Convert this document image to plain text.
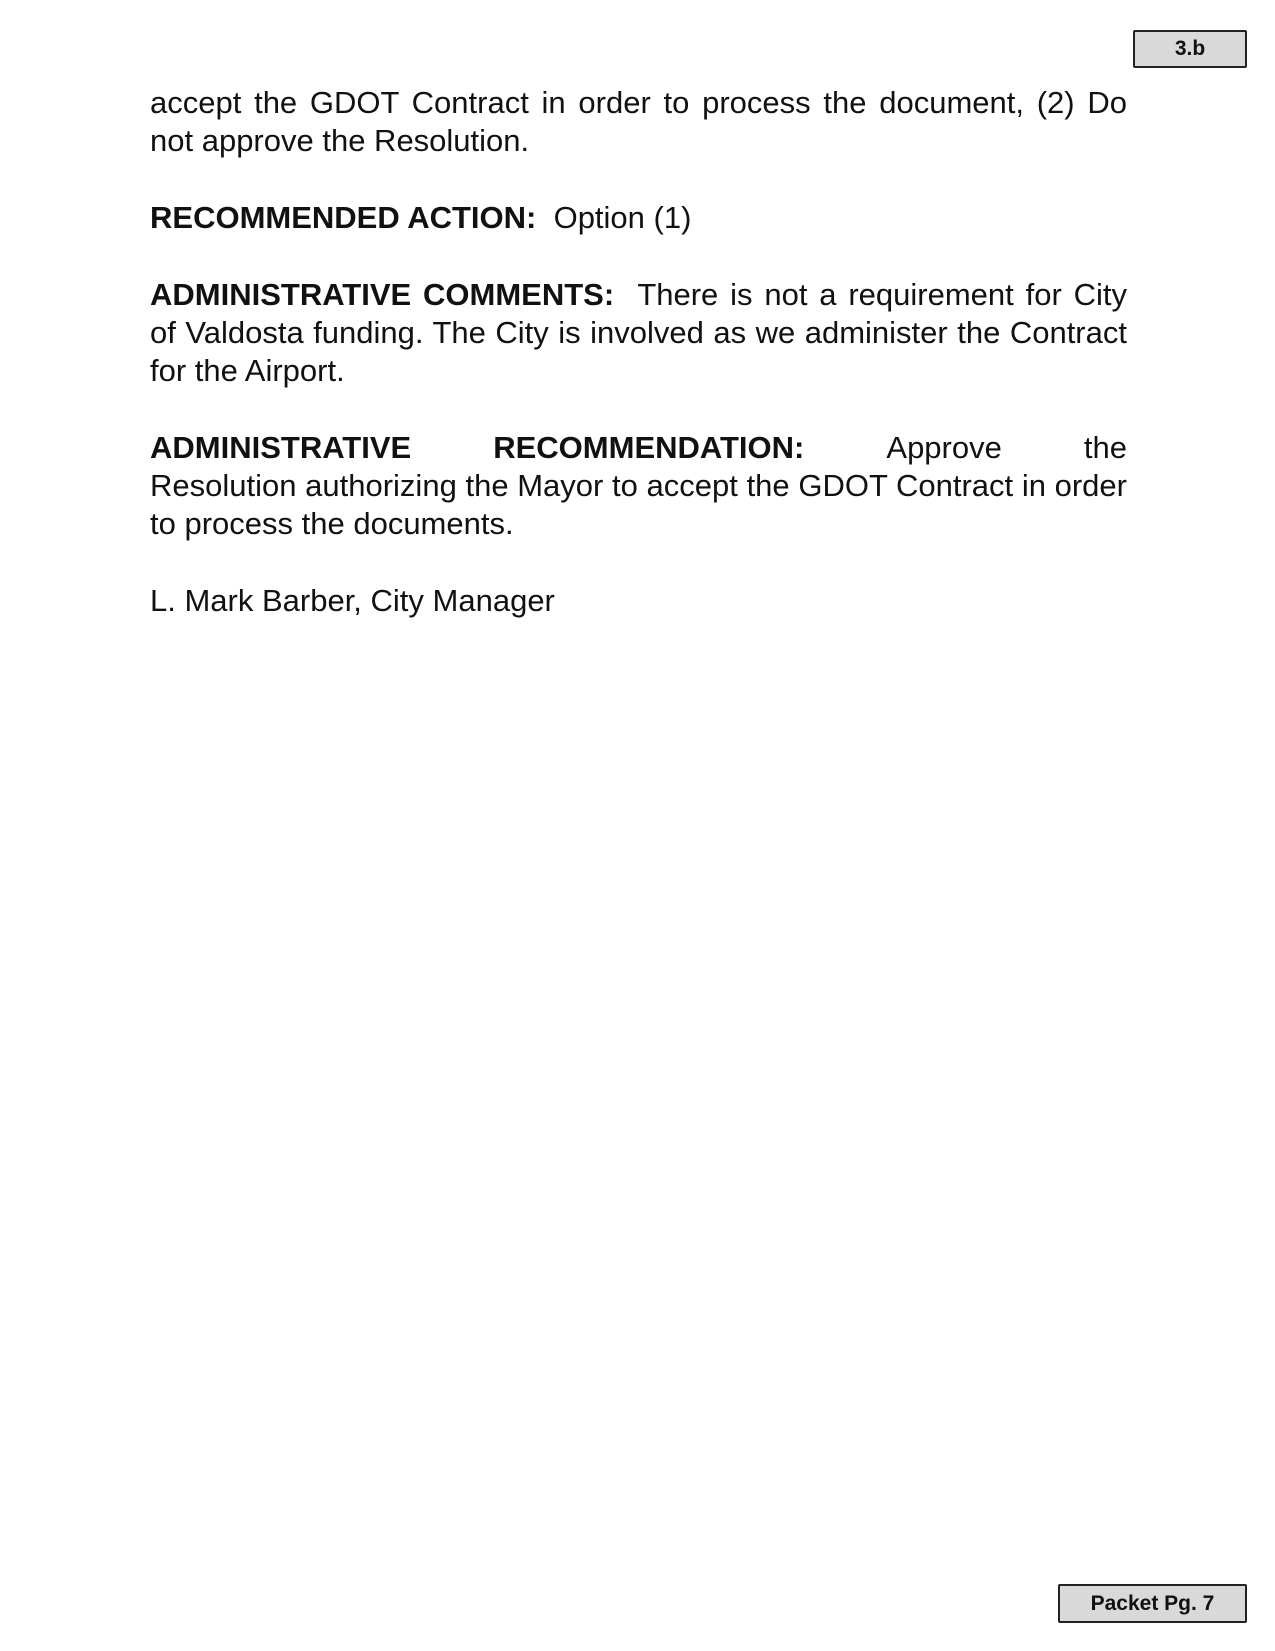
3.b

accept the GDOT Contract in order to process the document, (2) Do not approve the Resolution.

RECOMMENDED ACTION: Option (1)

ADMINISTRATIVE COMMENTS: There is not a requirement for City of Valdosta funding. The City is involved as we administer the Contract for the Airport.

ADMINISTRATIVE	RECOMMENDATION:	Approve	the
Resolution authorizing the Mayor to accept the GDOT Contract in order to process the documents.

L. Mark Barber, City Manager

Packet Pg. 7
